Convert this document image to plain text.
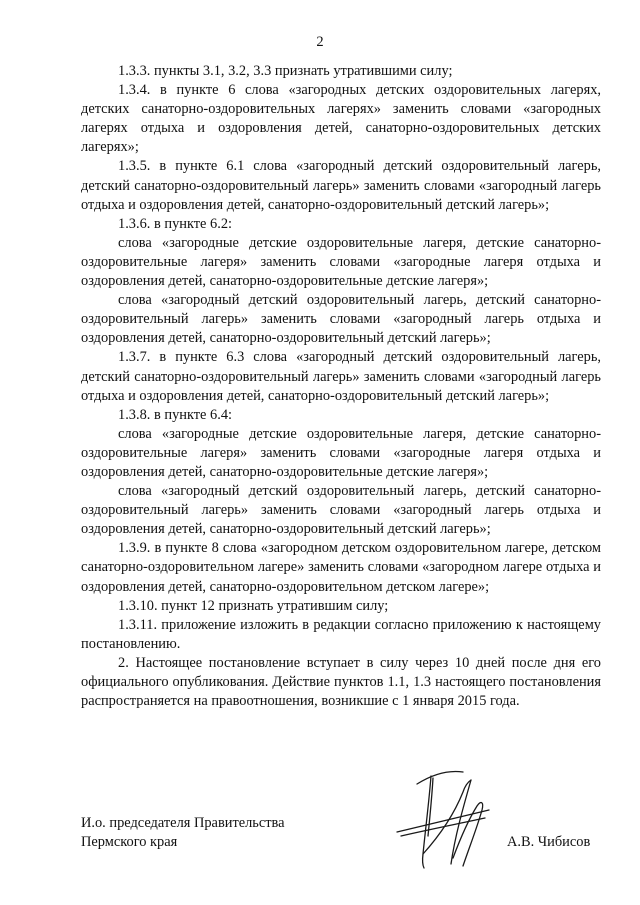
2

1.3.3. пункты 3.1, 3.2, 3.3 признать утратившими силу;

1.3.4. в пункте 6 слова «загородных детских оздоровительных лагерях, детских санаторно-оздоровительных лагерях» заменить словами «загородных лагерях отдыха и оздоровления детей, санаторно-оздоровительных детских лагерях»;

1.3.5. в пункте 6.1 слова «загородный детский оздоровительный лагерь, детский санаторно-оздоровительный лагерь» заменить словами «загородный лагерь отдыха и оздоровления детей, санаторно-оздоровительный детский лагерь»;

1.3.6. в пункте 6.2:

слова «загородные детские оздоровительные лагеря, детские санаторно-оздоровительные лагеря» заменить словами «загородные лагеря отдыха и оздоровления детей, санаторно-оздоровительные детские лагеря»;

слова «загородный детский оздоровительный лагерь, детский санаторно-оздоровительный лагерь» заменить словами «загородный лагерь отдыха и оздоровления детей, санаторно-оздоровительный детский лагерь»;

1.3.7. в пункте 6.3 слова «загородный детский оздоровительный лагерь, детский санаторно-оздоровительный лагерь» заменить словами «загородный лагерь отдыха и оздоровления детей, санаторно-оздоровительный детский лагерь»;

1.3.8. в пункте 6.4:

слова «загородные детские оздоровительные лагеря, детские санаторно-оздоровительные лагеря» заменить словами «загородные лагеря отдыха и оздоровления детей, санаторно-оздоровительные детские лагеря»;

слова «загородный детский оздоровительный лагерь, детский санаторно-оздоровительный лагерь» заменить словами «загородный лагерь отдыха и оздоровления детей, санаторно-оздоровительный детский лагерь»;

1.3.9. в пункте 8 слова «загородном детском оздоровительном лагере, детском санаторно-оздоровительном лагере» заменить словами «загородном лагере отдыха и оздоровления детей, санаторно-оздоровительном детском лагере»;

1.3.10. пункт 12 признать утратившим силу;

1.3.11. приложение изложить в редакции согласно приложению к настоящему постановлению.

2. Настоящее постановление вступает в силу через 10 дней после дня его официального опубликования. Действие пунктов 1.1, 1.3 настоящего постановления распространяется на правоотношения, возникшие с 1 января 2015 года.

И.о. председателя Правительства
Пермского края	А.В. Чибисов
